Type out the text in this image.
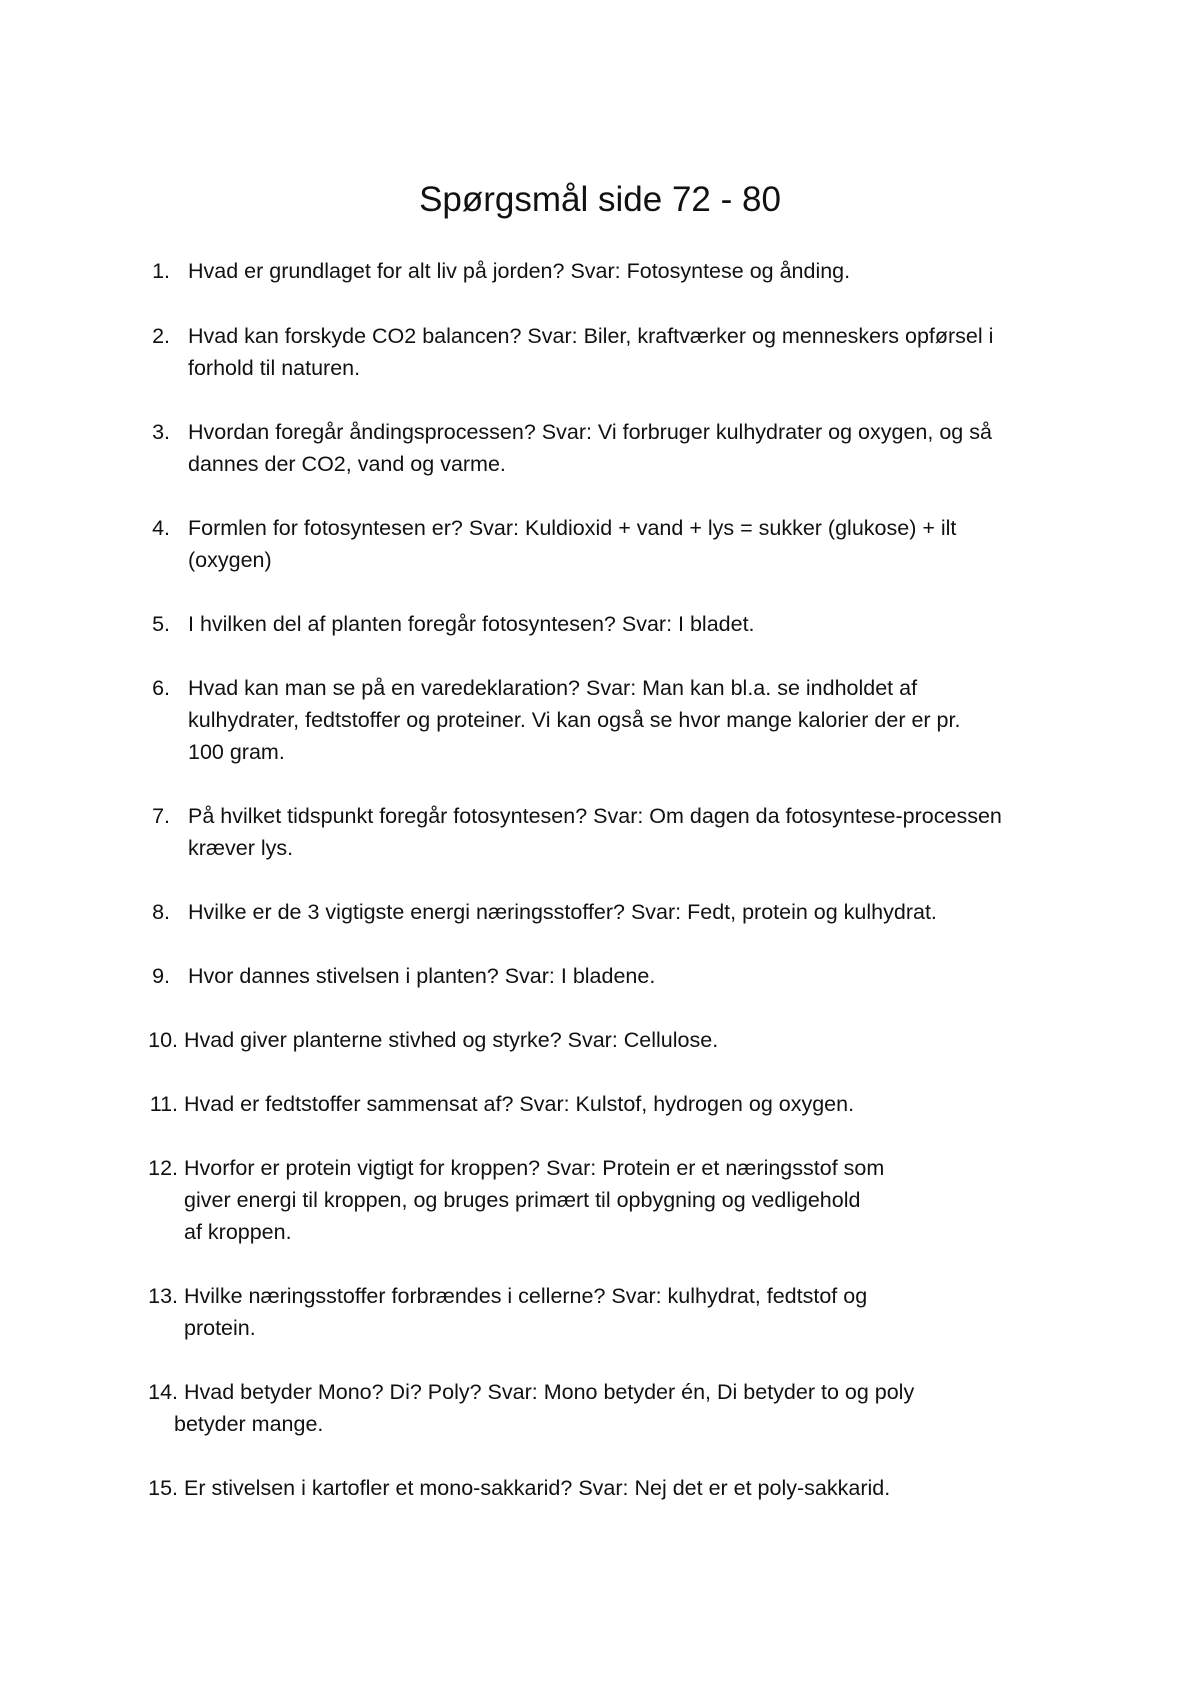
Spørgsmål side 72 - 80
1. Hvad er grundlaget for alt liv på jorden? Svar: Fotosyntese og ånding.
2. Hvad kan forskyde CO2 balancen? Svar: Biler, kraftværker og menneskers opførsel i
forhold til naturen.
3. Hvordan foregår åndingsprocessen? Svar: Vi forbruger kulhydrater og oxygen, og så
dannes der CO2, vand og varme.
4. Formlen for fotosyntesen er? Svar: Kuldioxid + vand + lys = sukker (glukose) + ilt
(oxygen)
5. I hvilken del af planten foregår fotosyntesen? Svar: I bladet.
6. Hvad kan man se på en varedeklaration? Svar: Man kan bl.a. se indholdet af
kulhydrater, fedtstoffer og proteiner. Vi kan også se hvor mange kalorier der er pr.
100 gram.
7. På hvilket tidspunkt foregår fotosyntesen? Svar: Om dagen da fotosyntese-processen
kræver lys.
8. Hvilke er de 3 vigtigste energi næringsstoffer? Svar: Fedt, protein og kulhydrat.
9. Hvor dannes stivelsen i planten? Svar: I bladene.
10. Hvad giver planterne stivhed og styrke? Svar: Cellulose.
11. Hvad er fedtstoffer sammensat af? Svar: Kulstof, hydrogen og oxygen.
12. Hvorfor er protein vigtigt for kroppen? Svar: Protein er et næringsstof som
giver energi til kroppen, og bruges primært til opbygning og vedligehold
af kroppen.
13. Hvilke næringsstoffer forbrændes i cellerne? Svar: kulhydrat, fedtstof og
protein.
14. Hvad betyder Mono? Di? Poly? Svar: Mono betyder én, Di betyder to og poly
betyder mange.
15. Er stivelsen i kartofler et mono-sakkarid? Svar: Nej det er et poly-sakkarid.
